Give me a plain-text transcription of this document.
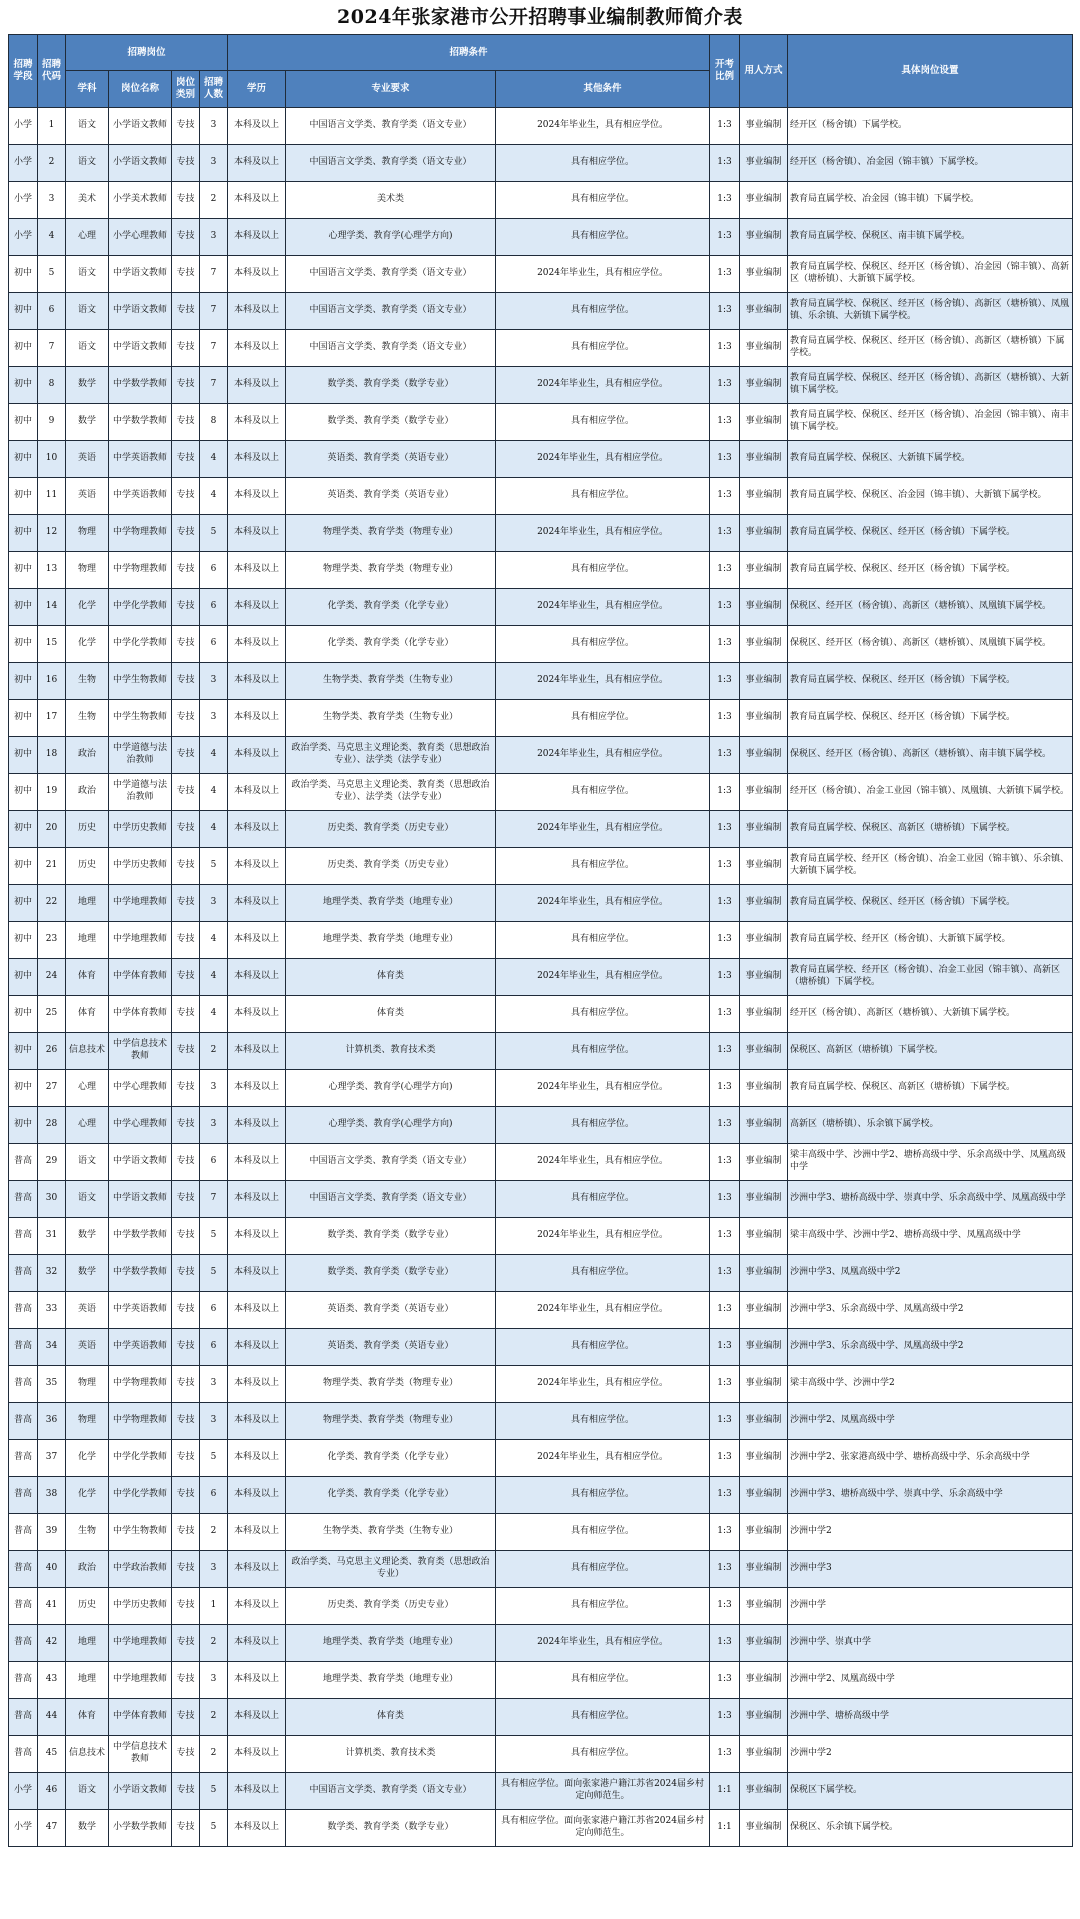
2024年张家港市公开招聘事业编制教师简介表
招聘学段	招聘代码	招聘岗位				招聘条件			开考比例	用人方式	具体岗位设置
		学科	岗位名称	岗位类别	招聘人数	学历	专业要求	其他条件			
小学	1	语文	小学语文教师	专技	3	本科及以上	中国语言文学类、教育学类（语文专业）	2024年毕业生，具有相应学位。	1:3	事业编制	经开区（杨舍镇）下属学校。
小学	2	语文	小学语文教师	专技	3	本科及以上	中国语言文学类、教育学类（语文专业）	具有相应学位。	1:3	事业编制	经开区（杨舍镇）、冶金园（锦丰镇）下属学校。
小学	3	美术	小学美术教师	专技	2	本科及以上	美术类	具有相应学位。	1:3	事业编制	教育局直属学校、冶金园（锦丰镇）下属学校。
小学	4	心理	小学心理教师	专技	3	本科及以上	心理学类、教育学(心理学方向)	具有相应学位。	1:3	事业编制	教育局直属学校、保税区、南丰镇下属学校。
初中	5	语文	中学语文教师	专技	7	本科及以上	中国语言文学类、教育学类（语文专业）	2024年毕业生，具有相应学位。	1:3	事业编制	教育局直属学校、保税区、经开区（杨舍镇）、冶金园（锦丰镇）、高新区（塘桥镇）、大新镇下属学校。
初中	6	语文	中学语文教师	专技	7	本科及以上	中国语言文学类、教育学类（语文专业）	具有相应学位。	1:3	事业编制	教育局直属学校、保税区、经开区（杨舍镇）、高新区（塘桥镇）、凤凰镇、乐余镇、大新镇下属学校。
初中	7	语文	中学语文教师	专技	7	本科及以上	中国语言文学类、教育学类（语文专业）	具有相应学位。	1:3	事业编制	教育局直属学校、保税区、经开区（杨舍镇）、高新区（塘桥镇）下属学校。
初中	8	数学	中学数学教师	专技	7	本科及以上	数学类、教育学类（数学专业）	2024年毕业生，具有相应学位。	1:3	事业编制	教育局直属学校、保税区、经开区（杨舍镇）、高新区（塘桥镇）、大新镇下属学校。
初中	9	数学	中学数学教师	专技	8	本科及以上	数学类、教育学类（数学专业）	具有相应学位。	1:3	事业编制	教育局直属学校、保税区、经开区（杨舍镇）、冶金园（锦丰镇）、南丰镇下属学校。
初中	10	英语	中学英语教师	专技	4	本科及以上	英语类、教育学类（英语专业）	2024年毕业生，具有相应学位。	1:3	事业编制	教育局直属学校、保税区、大新镇下属学校。
初中	11	英语	中学英语教师	专技	4	本科及以上	英语类、教育学类（英语专业）	具有相应学位。	1:3	事业编制	教育局直属学校、保税区、冶金园（锦丰镇）、大新镇下属学校。
初中	12	物理	中学物理教师	专技	5	本科及以上	物理学类、教育学类（物理专业）	2024年毕业生，具有相应学位。	1:3	事业编制	教育局直属学校、保税区、经开区（杨舍镇）下属学校。
初中	13	物理	中学物理教师	专技	6	本科及以上	物理学类、教育学类（物理专业）	具有相应学位。	1:3	事业编制	教育局直属学校、保税区、经开区（杨舍镇）下属学校。
初中	14	化学	中学化学教师	专技	6	本科及以上	化学类、教育学类（化学专业）	2024年毕业生，具有相应学位。	1:3	事业编制	保税区、经开区（杨舍镇）、高新区（塘桥镇）、凤凰镇下属学校。
初中	15	化学	中学化学教师	专技	6	本科及以上	化学类、教育学类（化学专业）	具有相应学位。	1:3	事业编制	保税区、经开区（杨舍镇）、高新区（塘桥镇）、凤凰镇下属学校。
初中	16	生物	中学生物教师	专技	3	本科及以上	生物学类、教育学类（生物专业）	2024年毕业生，具有相应学位。	1:3	事业编制	教育局直属学校、保税区、经开区（杨舍镇）下属学校。
初中	17	生物	中学生物教师	专技	3	本科及以上	生物学类、教育学类（生物专业）	具有相应学位。	1:3	事业编制	教育局直属学校、保税区、经开区（杨舍镇）下属学校。
初中	18	政治	中学道德与法治教师	专技	4	本科及以上	政治学类、马克思主义理论类、教育类（思想政治专业）、法学类（法学专业）	2024年毕业生，具有相应学位。	1:3	事业编制	保税区、经开区（杨舍镇）、高新区（塘桥镇）、南丰镇下属学校。
初中	19	政治	中学道德与法治教师	专技	4	本科及以上	政治学类、马克思主义理论类、教育类（思想政治专业）、法学类（法学专业）	具有相应学位。	1:3	事业编制	经开区（杨舍镇）、冶金工业园（锦丰镇）、凤凰镇、大新镇下属学校。
初中	20	历史	中学历史教师	专技	4	本科及以上	历史类、教育学类（历史专业）	2024年毕业生，具有相应学位。	1:3	事业编制	教育局直属学校、保税区、高新区（塘桥镇）下属学校。
初中	21	历史	中学历史教师	专技	5	本科及以上	历史类、教育学类（历史专业）	具有相应学位。	1:3	事业编制	教育局直属学校、经开区（杨舍镇）、冶金工业园（锦丰镇）、乐余镇、大新镇下属学校。
初中	22	地理	中学地理教师	专技	3	本科及以上	地理学类、教育学类（地理专业）	2024年毕业生，具有相应学位。	1:3	事业编制	教育局直属学校、保税区、经开区（杨舍镇）下属学校。
初中	23	地理	中学地理教师	专技	4	本科及以上	地理学类、教育学类（地理专业）	具有相应学位。	1:3	事业编制	教育局直属学校、经开区（杨舍镇）、大新镇下属学校。
初中	24	体育	中学体育教师	专技	4	本科及以上	体育类	2024年毕业生，具有相应学位。	1:3	事业编制	教育局直属学校、经开区（杨舍镇）、冶金工业园（锦丰镇）、高新区（塘桥镇）下属学校。
初中	25	体育	中学体育教师	专技	4	本科及以上	体育类	具有相应学位。	1:3	事业编制	经开区（杨舍镇）、高新区（塘桥镇）、大新镇下属学校。
初中	26	信息技术	中学信息技术教师	专技	2	本科及以上	计算机类、教育技术类	具有相应学位。	1:3	事业编制	保税区、高新区（塘桥镇）下属学校。
初中	27	心理	中学心理教师	专技	3	本科及以上	心理学类、教育学(心理学方向)	2024年毕业生，具有相应学位。	1:3	事业编制	教育局直属学校、保税区、高新区（塘桥镇）下属学校。
初中	28	心理	中学心理教师	专技	3	本科及以上	心理学类、教育学(心理学方向)	具有相应学位。	1:3	事业编制	高新区（塘桥镇）、乐余镇下属学校。
普高	29	语文	中学语文教师	专技	6	本科及以上	中国语言文学类、教育学类（语文专业）	2024年毕业生，具有相应学位。	1:3	事业编制	梁丰高级中学、沙洲中学2、塘桥高级中学、乐余高级中学、凤凰高级中学
普高	30	语文	中学语文教师	专技	7	本科及以上	中国语言文学类、教育学类（语文专业）	具有相应学位。	1:3	事业编制	沙洲中学3、塘桥高级中学、崇真中学、乐余高级中学、凤凰高级中学
普高	31	数学	中学数学教师	专技	5	本科及以上	数学类、教育学类（数学专业）	2024年毕业生，具有相应学位。	1:3	事业编制	梁丰高级中学、沙洲中学2、塘桥高级中学、凤凰高级中学
普高	32	数学	中学数学教师	专技	5	本科及以上	数学类、教育学类（数学专业）	具有相应学位。	1:3	事业编制	沙洲中学3、凤凰高级中学2
普高	33	英语	中学英语教师	专技	6	本科及以上	英语类、教育学类（英语专业）	2024年毕业生，具有相应学位。	1:3	事业编制	沙洲中学3、乐余高级中学、凤凰高级中学2
普高	34	英语	中学英语教师	专技	6	本科及以上	英语类、教育学类（英语专业）	具有相应学位。	1:3	事业编制	沙洲中学3、乐余高级中学、凤凰高级中学2
普高	35	物理	中学物理教师	专技	3	本科及以上	物理学类、教育学类（物理专业）	2024年毕业生，具有相应学位。	1:3	事业编制	梁丰高级中学、沙洲中学2
普高	36	物理	中学物理教师	专技	3	本科及以上	物理学类、教育学类（物理专业）	具有相应学位。	1:3	事业编制	沙洲中学2、凤凰高级中学
普高	37	化学	中学化学教师	专技	5	本科及以上	化学类、教育学类（化学专业）	2024年毕业生，具有相应学位。	1:3	事业编制	沙洲中学2、张家港高级中学、塘桥高级中学、乐余高级中学
普高	38	化学	中学化学教师	专技	6	本科及以上	化学类、教育学类（化学专业）	具有相应学位。	1:3	事业编制	沙洲中学3、塘桥高级中学、崇真中学、乐余高级中学
普高	39	生物	中学生物教师	专技	2	本科及以上	生物学类、教育学类（生物专业）	具有相应学位。	1:3	事业编制	沙洲中学2
普高	40	政治	中学政治教师	专技	3	本科及以上	政治学类、马克思主义理论类、教育类（思想政治专业）	具有相应学位。	1:3	事业编制	沙洲中学3
普高	41	历史	中学历史教师	专技	1	本科及以上	历史类、教育学类（历史专业）	具有相应学位。	1:3	事业编制	沙洲中学
普高	42	地理	中学地理教师	专技	2	本科及以上	地理学类、教育学类（地理专业）	2024年毕业生，具有相应学位。	1:3	事业编制	沙洲中学、崇真中学
普高	43	地理	中学地理教师	专技	3	本科及以上	地理学类、教育学类（地理专业）	具有相应学位。	1:3	事业编制	沙洲中学2、凤凰高级中学
普高	44	体育	中学体育教师	专技	2	本科及以上	体育类	具有相应学位。	1:3	事业编制	沙洲中学、塘桥高级中学
普高	45	信息技术	中学信息技术教师	专技	2	本科及以上	计算机类、教育技术类	具有相应学位。	1:3	事业编制	沙洲中学2
小学	46	语文	小学语文教师	专技	5	本科及以上	中国语言文学类、教育学类（语文专业）	具有相应学位。面向张家港户籍江苏省2024届乡村定向师范生。	1:1	事业编制	保税区下属学校。
小学	47	数学	小学数学教师	专技	5	本科及以上	数学类、教育学类（数学专业）	具有相应学位。面向张家港户籍江苏省2024届乡村定向师范生。	1:1	事业编制	保税区、乐余镇下属学校。
